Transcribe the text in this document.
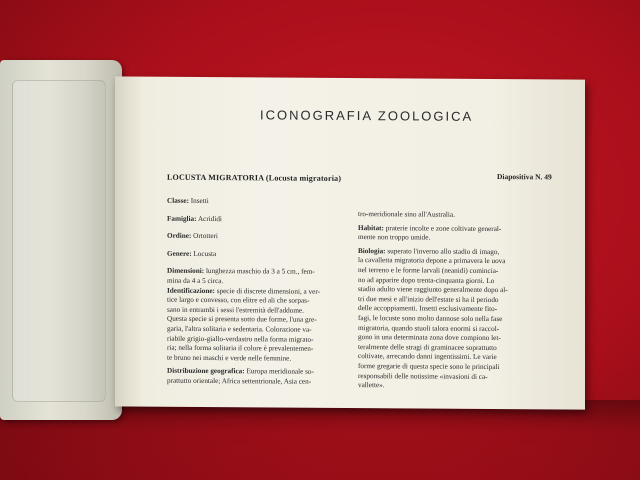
ICONOGRAFIA ZOOLOGICA
LOCUSTA MIGRATORIA (Locusta migratoria)	Diapositiva N. 49
Classe: Insetti
Famiglia: Acrididi
Ordine: Ortotteri
Genere: Locusta
Dimensioni: lunghezza maschio da 3 a 5 cm., fem-
mina da 4 a 5 circa.
Identificazione: specie di discrete dimensioni, a ver-
tice largo e convesso, con elitre ed ali che sorpas-
sano in entrambi i sessi l'estremità dell'addome.
Questa specie si presenta sotto due forme, l'una gre-
garia, l'altra solitaria e sedentaria. Colorazione va-
riabile grigio-giallo-verdastro nella forma migrato-
ria; nella forma solitaria il colore è prevalentemen-
te bruno nei maschi e verde nelle femmine.
Distribuzione geografica: Europa meridionale so-
prattutto orientale; Africa settentrionale, Asia cen-
tro-meridionale sino all'Australia.
Habitat: praterie incolte e zone coltivate general-
mente non troppo umide.
Biologia: superato l'inverno allo stadio di imago,
la cavalletta migratoria depone a primavera le uova
nel terreno e le forme larvali (neanidi) comincia-
no ad apparire dopo trenta-cinquanta giorni. Lo
stadio adulto viene raggiunto generalmente dopo al-
tri due mesi e all'inizio dell'estate si ha il periodo
delle accoppiamenti. Insetti esclusivamente fito-
fagi, le locuste sono molto dannose solo nella fase
migratoria, quando stuoli talora enormi si raccol-
gono in una determinata zona dove compiono let-
teralmente delle stragi di graminacee soprattutto
coltivate, arrecando danni ingentissimi. Le varie
forme gregarie di questa specie sono le principali
responsabili delle notissime «invasioni di ca-
vallette».
